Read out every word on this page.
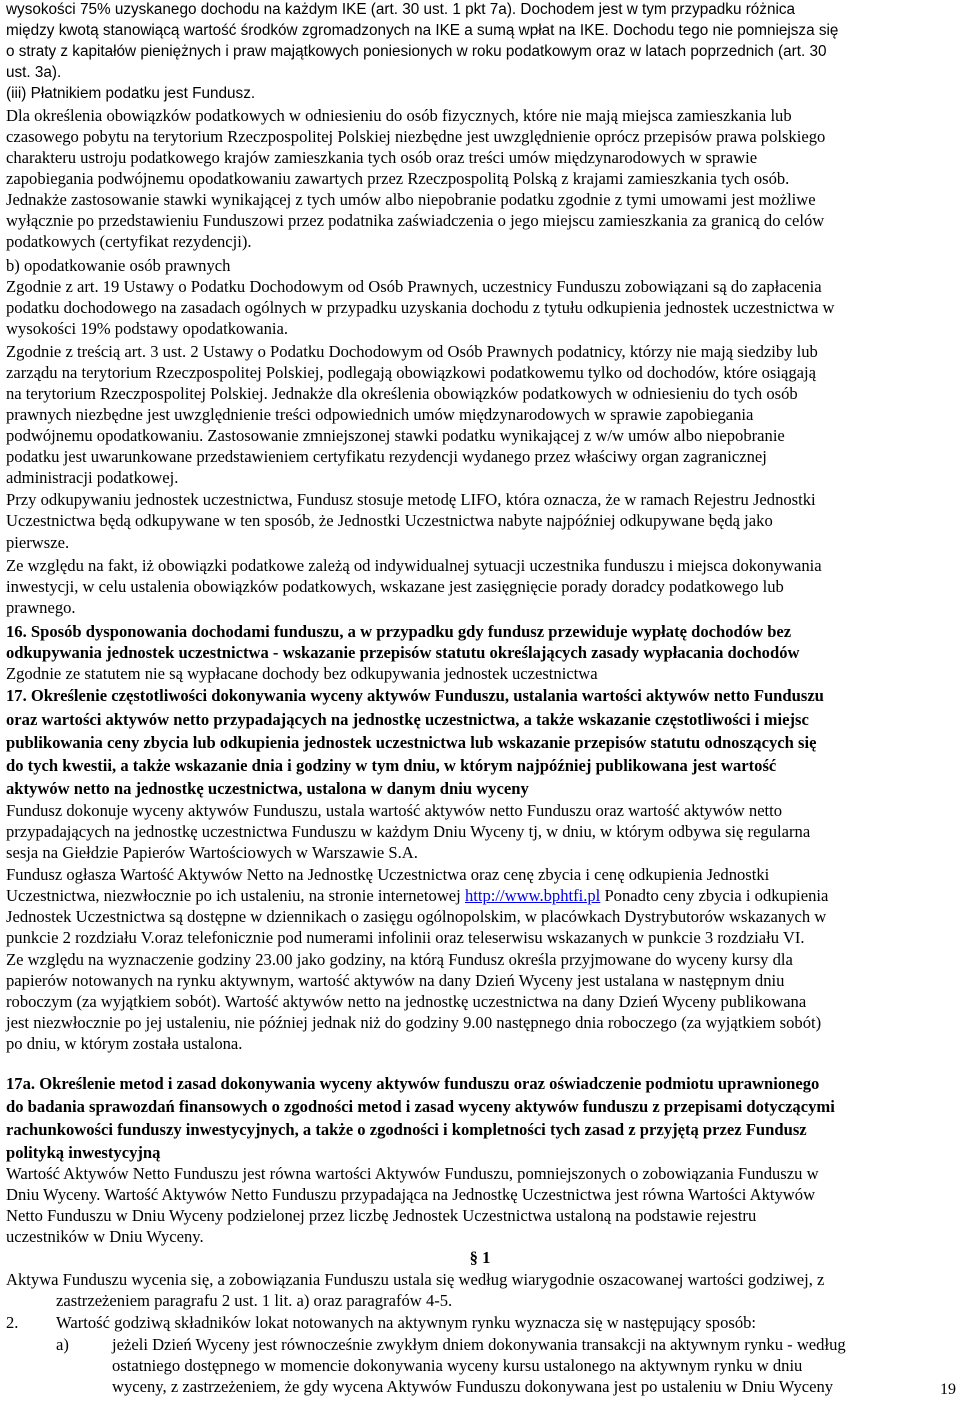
wysokości 75% uzyskanego dochodu na każdym IKE (art. 30 ust. 1 pkt 7a). Dochodem jest w tym przypadku różnica
między kwotą stanowiącą wartość środków zgromadzonych na IKE a sumą wpłat na IKE. Dochodu tego nie pomniejsza się
o straty z kapitałów pieniężnych i praw majątkowych poniesionych w roku podatkowym oraz w latach poprzednich (art. 30
ust. 3a).
(iii) Płatnikiem podatku jest Fundusz.
Dla określenia obowiązków podatkowych w odniesieniu do osób fizycznych, które nie mają miejsca zamieszkania lub
czasowego pobytu na terytorium Rzeczpospolitej Polskiej niezbędne jest uwzględnienie oprócz przepisów prawa polskiego
charakteru ustroju podatkowego krajów zamieszkania tych osób oraz treści umów międzynarodowych w sprawie
zapobiegania podwójnemu opodatkowaniu zawartych przez Rzeczpospolitą Polską z krajami zamieszkania tych osób.
Jednakże zastosowanie stawki wynikającej z tych umów albo niepobranie podatku zgodnie z tymi umowami jest możliwe
wyłącznie po przedstawieniu Funduszowi przez podatnika zaświadczenia o jego miejscu zamieszkania za granicą do celów
podatkowych (certyfikat rezydencji).
b) opodatkowanie osób prawnych
Zgodnie z art. 19 Ustawy o Podatku Dochodowym od Osób Prawnych, uczestnicy Funduszu zobowiązani są do zapłacenia
podatku dochodowego na zasadach ogólnych w przypadku uzyskania dochodu z tytułu odkupienia jednostek uczestnictwa w
wysokości 19% podstawy opodatkowania.
Zgodnie z treścią art. 3 ust. 2 Ustawy o Podatku Dochodowym od Osób Prawnych podatnicy, którzy nie mają siedziby lub
zarządu na terytorium Rzeczpospolitej Polskiej, podlegają obowiązkowi podatkowemu tylko od dochodów, które osiągają
na terytorium Rzeczpospolitej Polskiej. Jednakże dla określenia obowiązków podatkowych w odniesieniu do tych osób
prawnych niezbędne jest uwzględnienie treści odpowiednich umów międzynarodowych w sprawie zapobiegania
podwójnemu opodatkowaniu. Zastosowanie zmniejszonej stawki podatku wynikającej z w/w umów albo niepobranie
podatku jest uwarunkowane przedstawieniem certyfikatu rezydencji wydanego przez właściwy organ zagranicznej
administracji podatkowej.
Przy odkupywaniu jednostek uczestnictwa, Fundusz stosuje metodę LIFO, która oznacza, że w ramach Rejestru Jednostki
Uczestnictwa będą odkupywane w ten sposób, że Jednostki Uczestnictwa nabyte najpóźniej odkupywane będą jako
pierwsze.
Ze względu na fakt, iż obowiązki podatkowe zależą od indywidualnej sytuacji uczestnika funduszu i miejsca dokonywania
inwestycji, w celu ustalenia obowiązków podatkowych, wskazane jest zasięgnięcie porady doradcy podatkowego lub
prawnego.
16. Sposób dysponowania dochodami funduszu, a w przypadku gdy fundusz przewiduje wypłatę dochodów bez
odkupywania jednostek uczestnictwa - wskazanie przepisów statutu określających zasady wypłacania dochodów
Zgodnie ze statutem nie są wypłacane dochody bez odkupywania jednostek uczestnictwa
17. Określenie częstotliwości dokonywania wyceny aktywów Funduszu, ustalania wartości aktywów netto Funduszu
oraz wartości aktywów netto przypadających na jednostkę uczestnictwa, a także wskazanie częstotliwości i miejsc
publikowania ceny zbycia lub odkupienia jednostek uczestnictwa lub wskazanie przepisów statutu odnoszących się
do tych kwestii, a także wskazanie dnia i godziny w tym dniu, w którym najpóźniej publikowana jest wartość
aktywów netto na jednostkę uczestnictwa, ustalona w danym dniu wyceny
Fundusz dokonuje wyceny aktywów Funduszu, ustala wartość aktywów netto Funduszu oraz wartość aktywów netto
przypadających na jednostkę uczestnictwa Funduszu w każdym Dniu Wyceny tj, w dniu, w którym odbywa się regularna
sesja na Giełdzie Papierów Wartościowych w Warszawie S.A.
Fundusz ogłasza Wartość Aktywów Netto na Jednostkę Uczestnictwa oraz cenę zbycia i cenę odkupienia Jednostki
Uczestnictwa, niezwłocznie po ich ustaleniu, na stronie internetowej http://www.bphtfi.pl Ponadto ceny zbycia i odkupienia
Jednostek Uczestnictwa są dostępne w dziennikach o zasięgu ogólnopolskim, w placówkach Dystrybutorów wskazanych w
punkcie 2 rozdziału V.oraz telefonicznie pod numerami infolinii oraz teleserwisu wskazanych w punkcie 3 rozdziału VI.
Ze względu na wyznaczenie godziny 23.00 jako godziny, na którą Fundusz określa przyjmowane do wyceny kursy dla
papierów notowanych na rynku aktywnym, wartość aktywów na dany Dzień Wyceny jest ustalana w następnym dniu
roboczym (za wyjątkiem sobót). Wartość aktywów netto na jednostkę uczestnictwa na dany Dzień Wyceny publikowana
jest niezwłocznie po jej ustaleniu, nie później jednak niż do godziny 9.00 następnego dnia roboczego (za wyjątkiem sobót)
po dniu, w którym została ustalona.
17a. Określenie metod i zasad dokonywania wyceny aktywów funduszu oraz oświadczenie podmiotu uprawnionego
do badania sprawozdań finansowych o zgodności metod i zasad wyceny aktywów funduszu z przepisami dotyczącymi
rachunkowości funduszy inwestycyjnych, a także o zgodności i kompletności tych zasad z przyjętą przez Fundusz
polityką inwestycyjną
Wartość Aktywów Netto Funduszu jest równa wartości Aktywów Funduszu, pomniejszonych o zobowiązania Funduszu w
Dniu Wyceny. Wartość Aktywów Netto Funduszu przypadająca na Jednostkę Uczestnictwa jest równa Wartości Aktywów
Netto Funduszu w Dniu Wyceny podzielonej przez liczbę Jednostek Uczestnictwa ustaloną na podstawie rejestru
uczestników w Dniu Wyceny.
§ 1
Aktywa Funduszu wycenia się, a zobowiązania Funduszu ustala się według wiarygodnie oszacowanej wartości godziwej, z
zastrzeżeniem paragrafu 2 ust. 1 lit. a) oraz paragrafów 4-5.
2. Wartość godziwą składników lokat notowanych na aktywnym rynku wyznacza się w następujący sposób:
a)	jeżeli Dzień Wyceny jest równocześnie zwykłym dniem dokonywania transakcji na aktywnym rynku - według
ostatniego dostępnego w momencie dokonywania wyceny kursu ustalonego na aktywnym rynku w dniu
wyceny, z zastrzeżeniem, że gdy wycena Aktywów Funduszu dokonywana jest po ustaleniu w Dniu Wyceny	19
